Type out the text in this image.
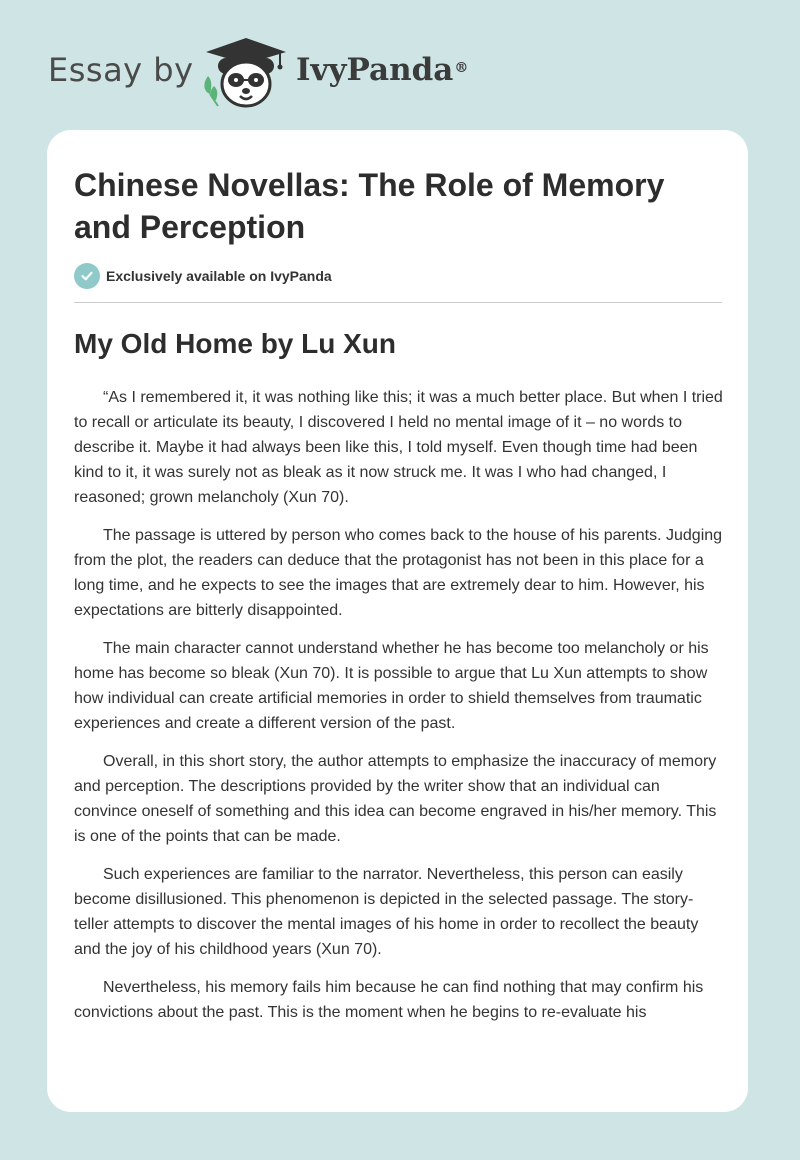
Essay by	IvyPanda®
Chinese Novellas: The Role of Memory and Perception
Exclusively available on IvyPanda
My Old Home by Lu Xun

“As I remembered it, it was nothing like this; it was a much better place. But when I tried to recall or articulate its beauty, I discovered I held no mental image of it – no words to describe it. Maybe it had always been like this, I told myself. Even though time had been kind to it, it was surely not as bleak as it now struck me. It was I who had changed, I reasoned; grown melancholy (Xun 70).

The passage is uttered by person who comes back to the house of his parents. Judging from the plot, the readers can deduce that the protagonist has not been in this place for a long time, and he expects to see the images that are extremely dear to him. However, his expectations are bitterly disappointed.

The main character cannot understand whether he has become too melancholy or his home has become so bleak (Xun 70). It is possible to argue that Lu Xun attempts to show how individual can create artificial memories in order to shield themselves from traumatic experiences and create a different version of the past.

Overall, in this short story, the author attempts to emphasize the inaccuracy of memory and perception. The descriptions provided by the writer show that an individual can convince oneself of something and this idea can become engraved in his/her memory. This is one of the points that can be made.

Such experiences are familiar to the narrator. Nevertheless, this person can easily become disillusioned. This phenomenon is depicted in the selected passage. The story-teller attempts to discover the mental images of his home in order to recollect the beauty and the joy of his childhood years (Xun 70).

Nevertheless, his memory fails him because he can find nothing that may confirm his convictions about the past. This is the moment when he begins to re-evaluate his
